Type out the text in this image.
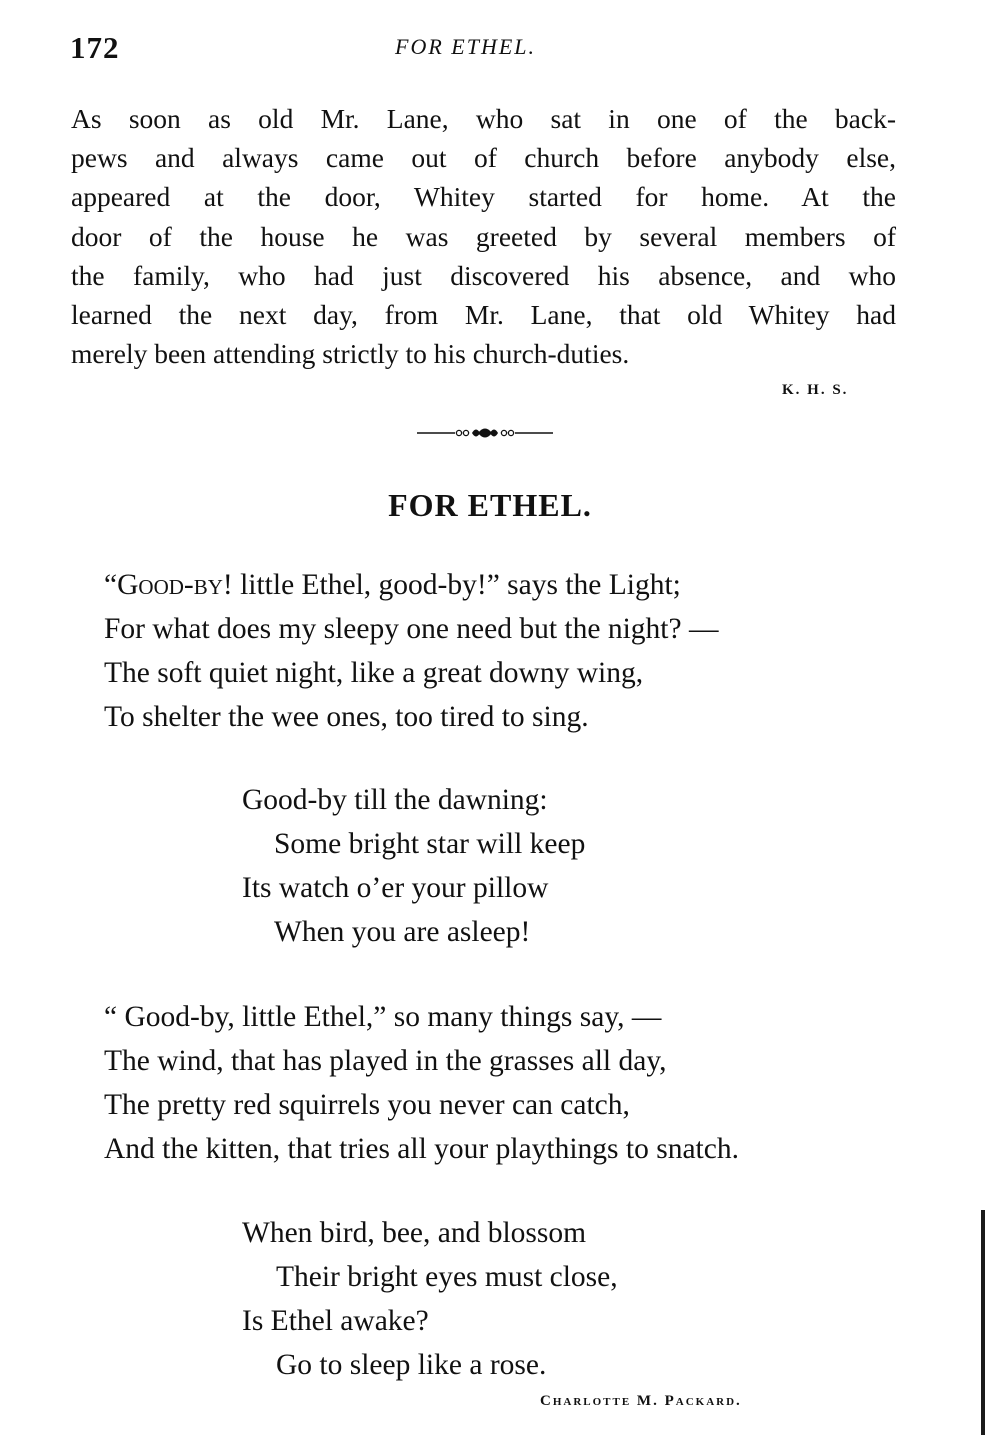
172	FOR ETHEL.
As soon as old Mr. Lane, who sat in one of the back-
pews and always came out of church before anybody else,
appeared at the door, Whitey started for home. At the
door of the house he was greeted by several members of
the family, who had just discovered his absence, and who
learned the next day, from Mr. Lane, that old Whitey had
merely been attending strictly to his church-duties.
K. H. S.
FOR ETHEL.
“Good-by! little Ethel, good-by!” says the Light;
For what does my sleepy one need but the night? —
The soft quiet night, like a great downy wing,
To shelter the wee ones, too tired to sing.
Good-by till the dawning:
Some bright star will keep
Its watch o’er your pillow
When you are asleep!
“ Good-by, little Ethel,” so many things say, —
The wind, that has played in the grasses all day,
The pretty red squirrels you never can catch,
And the kitten, that tries all your playthings to snatch.
When bird, bee, and blossom
Their bright eyes must close,
Is Ethel awake?
Go to sleep like a rose.
Charlotte M. Packard.
